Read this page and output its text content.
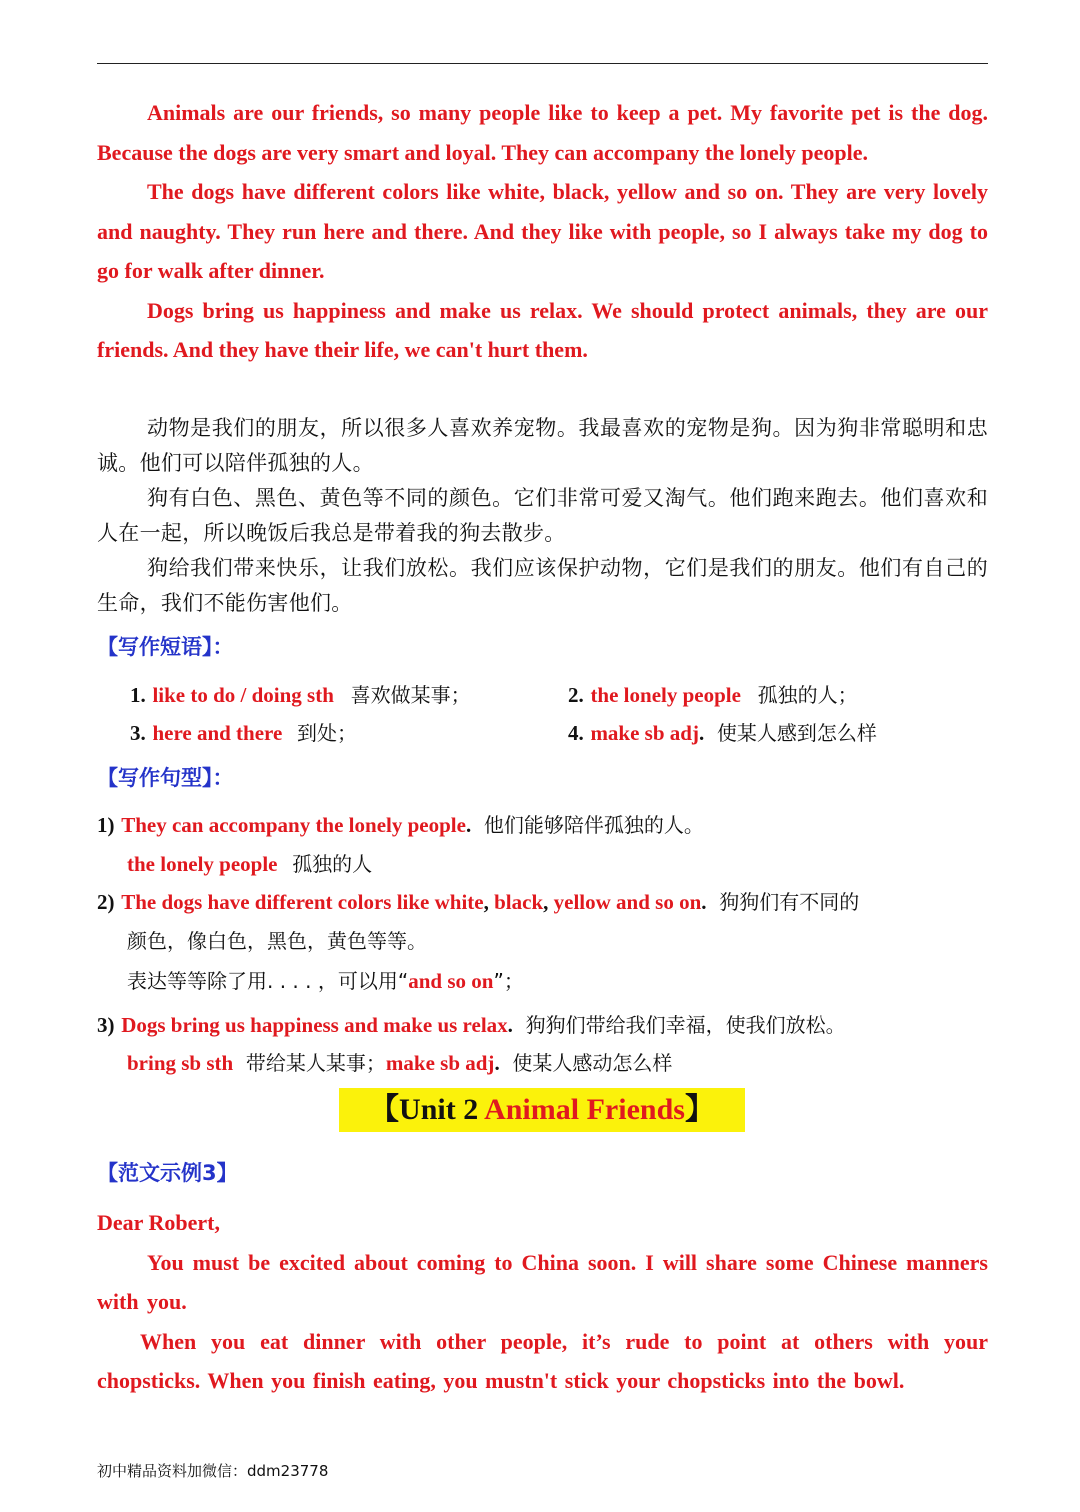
Animals are our friends, so many people like to keep a pet. My favorite pet is the dog. Because the dogs are very smart and loyal. They can accompany the lonely people.

The dogs have different colors like white, black, yellow and so on. They are very lovely and naughty. They run here and there. And they like with people, so I always take my dog to go for walk after dinner.

Dogs bring us happiness and make us relax. We should protect animals, they are our friends. And they have their life, we can't hurt them.

动物是我们的朋友，所以很多人喜欢养宠物。我最喜欢的宠物是狗。因为狗非常聪明和忠诚。他们可以陪伴孤独的人。

狗有白色、黑色、黄色等不同的颜色。它们非常可爱又淘气。他们跑来跑去。他们喜欢和人在一起，所以晚饭后我总是带着我的狗去散步。

狗给我们带来快乐，让我们放松。我们应该保护动物，它们是我们的朋友。他们有自己的生命，我们不能伤害他们。

【写作短语】：
1. like to do / doing sth 喜欢做某事；	2. the lonely people 孤独的人；
3. here and there 到处；	4. make sb adj. 使某人感到怎么样
【写作句型】：
1) They can accompany the lonely people. 他们能够陪伴孤独的人。
the lonely people 孤独的人
2) The dogs have different colors like white, black, yellow and so on. 狗狗们有不同的
颜色，像白色，黑色，黄色等等。
表达等等除了用. . . . ，可以用“and so on”；
3) Dogs bring us happiness and make us relax. 狗狗们带给我们幸福，使我们放松。
bring sb sth 带给某人某事；make sb adj. 使某人感动怎么样
【Unit 2 Animal Friends】
【范文示例3】

Dear Robert,

You must be excited about coming to China soon. I will share some Chinese manners with you.

When you eat dinner with other people, it’s rude to point at others with your chopsticks. When you finish eating, you mustn't stick your chopsticks into the bowl.

初中精品资料加微信：ddm23778
